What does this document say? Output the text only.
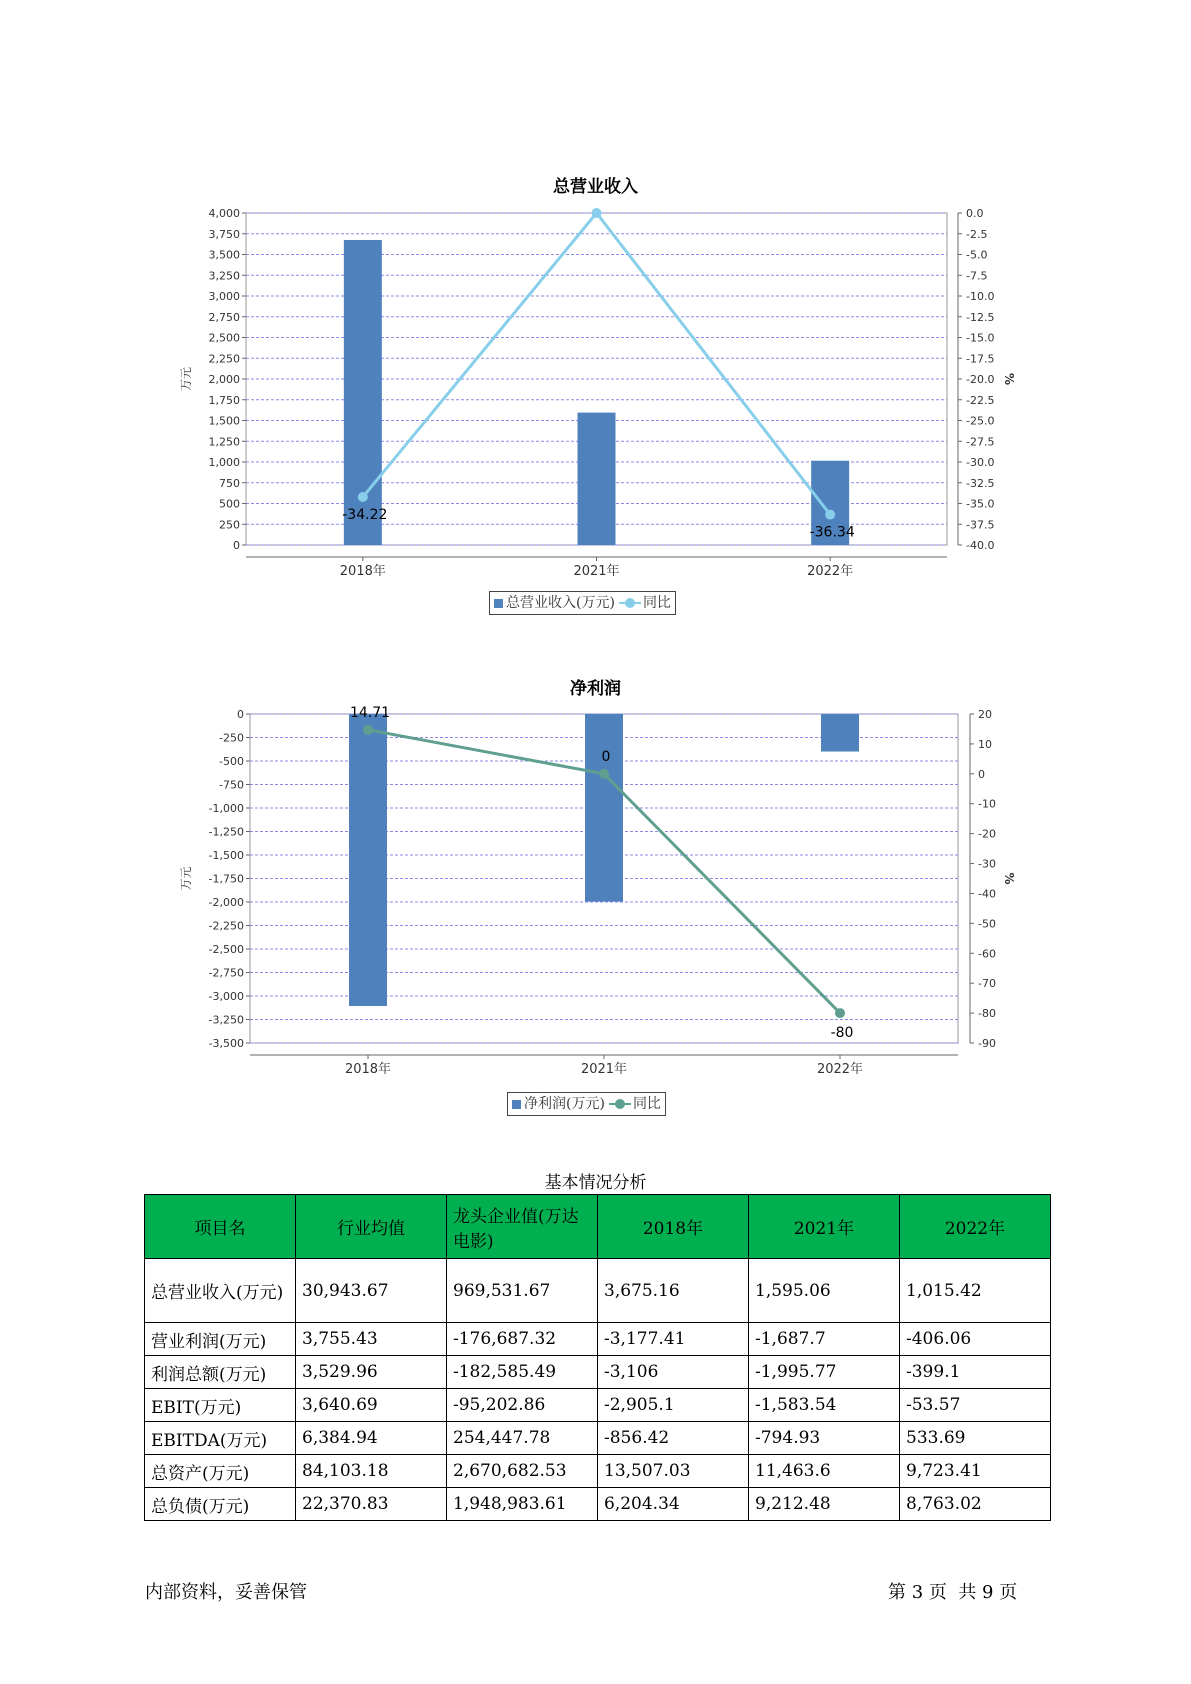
总营业收入
0
250
500
750
1,000
1,250
1,500
1,750
2,000
2,250
2,500
2,750
3,000
3,250
3,500
3,750
4,000	0.0
-2.5
-5.0
-7.5
-10.0
-12.5
-15.0
-17.5
-20.0
-22.5
-25.0
-27.5
-30.0
-32.5
-35.0
-37.5
-40.0
万元	%
2018年	2021年	2022年
-34.22
-36.34
总营业收入(万元) 同比
净利润
0
-250
-500
-750
-1,000
-1,250
-1,500
-1,750
-2,000
-2,250
-2,500
-2,750
-3,000
-3,250
-3,500
20
10
0
-10
-20
-30
-40
-50
-60
-70
-80
-90
万元	%
2018年	2021年	2022年
14.71
0
-80
净利润(万元) 同比
基本情况分析
项目名	行业均值	龙头企业值(万达电影)	2018年	2021年	2022年
总营业收入(万元)	30,943.67	969,531.67	3,675.16	1,595.06	1,015.42
营业利润(万元)	3,755.43	-176,687.32	-3,177.41	-1,687.7	-406.06
利润总额(万元)	3,529.96	-182,585.49	-3,106	-1,995.77	-399.1
EBIT(万元)	3,640.69	-95,202.86	-2,905.1	-1,583.54	-53.57
EBITDA(万元)	6,384.94	254,447.78	-856.42	-794.93	533.69
总资产(万元)	84,103.18	2,670,682.53	13,507.03	11,463.6	9,723.41
总负债(万元)	22,370.83	1,948,983.61	6,204.34	9,212.48	8,763.02
内部资料，妥善保管	第 3 页  共 9 页
